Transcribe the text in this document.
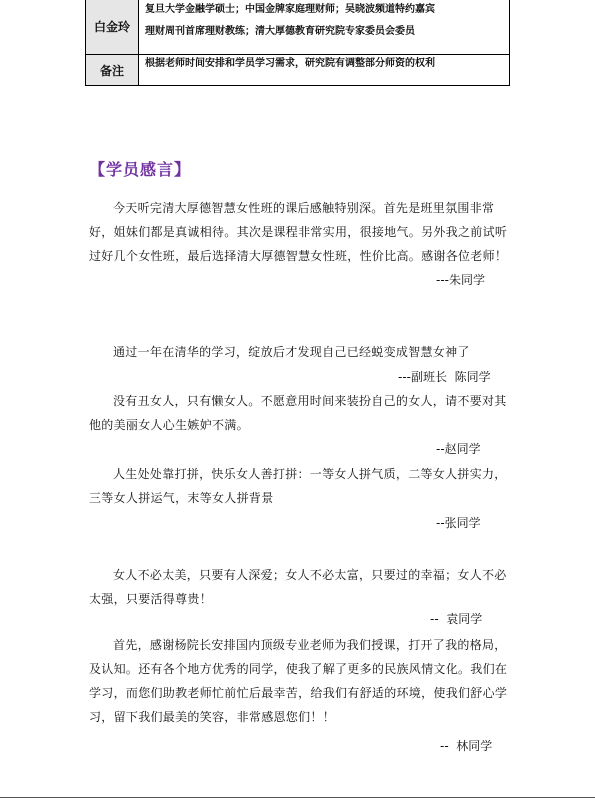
白金玲	复旦大学金融学硕士；中国金牌家庭理财师；吴晓波频道特约嘉宾
理财周刊首席理财教练；清大厚德教育研究院专家委员会委员

备注	根据老师时间安排和学员学习需求，研究院有调整部分师资的权利
【学员感言】

今天听完清大厚德智慧女性班的课后感触特别深。首先是班里氛围非常好，姐妹们都是真诚相待。其次是课程非常实用，很接地气。另外我之前试听过好几个女性班，最后选择清大厚德智慧女性班，性价比高。感谢各位老师！

---朱同学

通过一年在清华的学习，绽放后才发现自己已经蜕变成智慧女神了

---副班长  陈同学

没有丑女人，只有懒女人。不愿意用时间来装扮自己的女人，请不要对其他的美丽女人心生嫉妒不满。

--赵同学

人生处处靠打拼，快乐女人善打拼：一等女人拼气质，二等女人拼实力，三等女人拼运气，末等女人拼背景

--张同学

女人不必太美，只要有人深爱；女人不必太富，只要过的幸福；女人不必太强，只要活得尊贵！

--  袁同学

首先，感谢杨院长安排国内顶级专业老师为我们授课，打开了我的格局，及认知。还有各个地方优秀的同学，使我了解了更多的民族风情文化。我们在学习，而您们助教老师忙前忙后最幸苦，给我们有舒适的环境，使我们舒心学习，留下我们最美的笑容，非常感恩您们！！

--  林同学
